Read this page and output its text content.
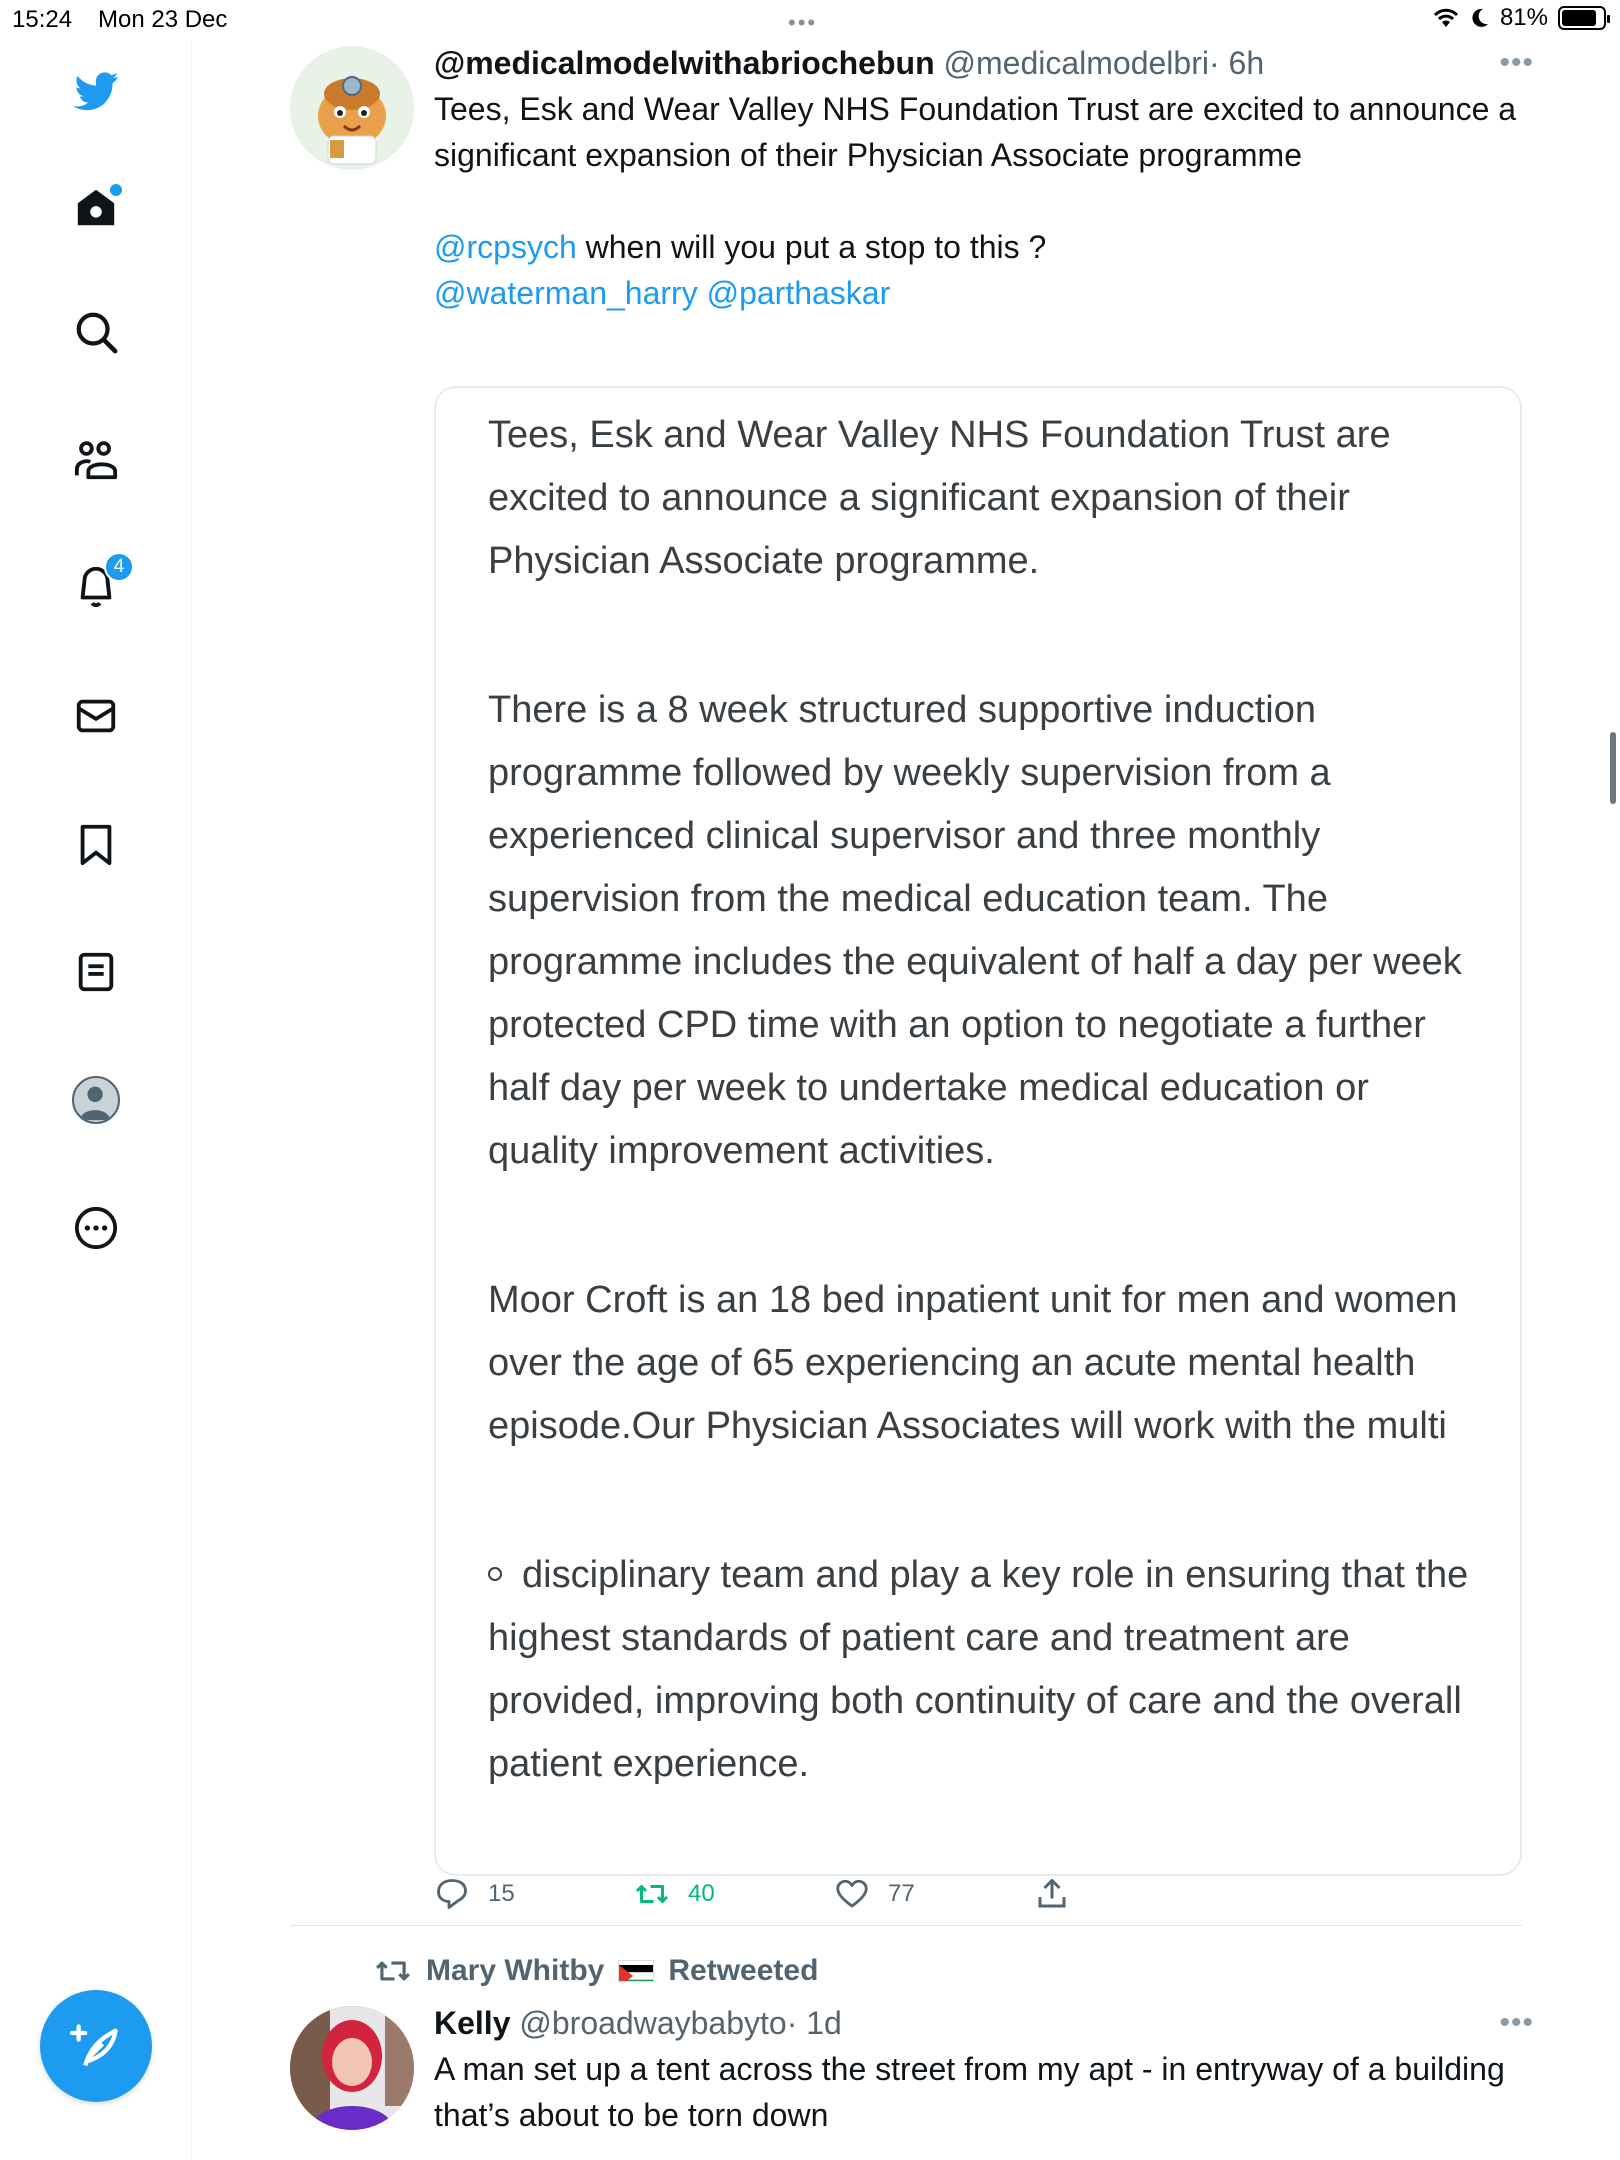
15:24 Mon 23 Dec	•••	81%
4
@medicalmodelwithabriochebun @medicalmodelbri· 6h	•••

Tees, Esk and Wear Valley NHS Foundation Trust are excited to announce a significant expansion of their Physician Associate programme

@rcpsych when will you put a stop to this ?

@waterman_harry @parthaskar

Tees, Esk and Wear Valley NHS Foundation Trust are excited to announce a significant expansion of their Physician Associate programme.

There is a 8 week structured supportive induction programme followed by weekly supervision from a experienced clinical supervisor and three monthly supervision from the medical education team. The programme includes the equivalent of half a day per week protected CPD time with an option to negotiate a further half day per week to undertake medical education or quality improvement activities.

Moor Croft is an 18 bed inpatient unit for men and women over the age of 65 experiencing an acute mental health episode.Our Physician Associates will work with the multi

disciplinary team and play a key role in ensuring that the highest standards of patient care and treatment are provided, improving both continuity of care and the overall patient experience.

15	40	77
Mary Whitby Retweeted
Kelly @broadwaybabyto· 1d	•••
A man set up a tent across the street from my apt - in entryway of a building that’s about to be torn down
